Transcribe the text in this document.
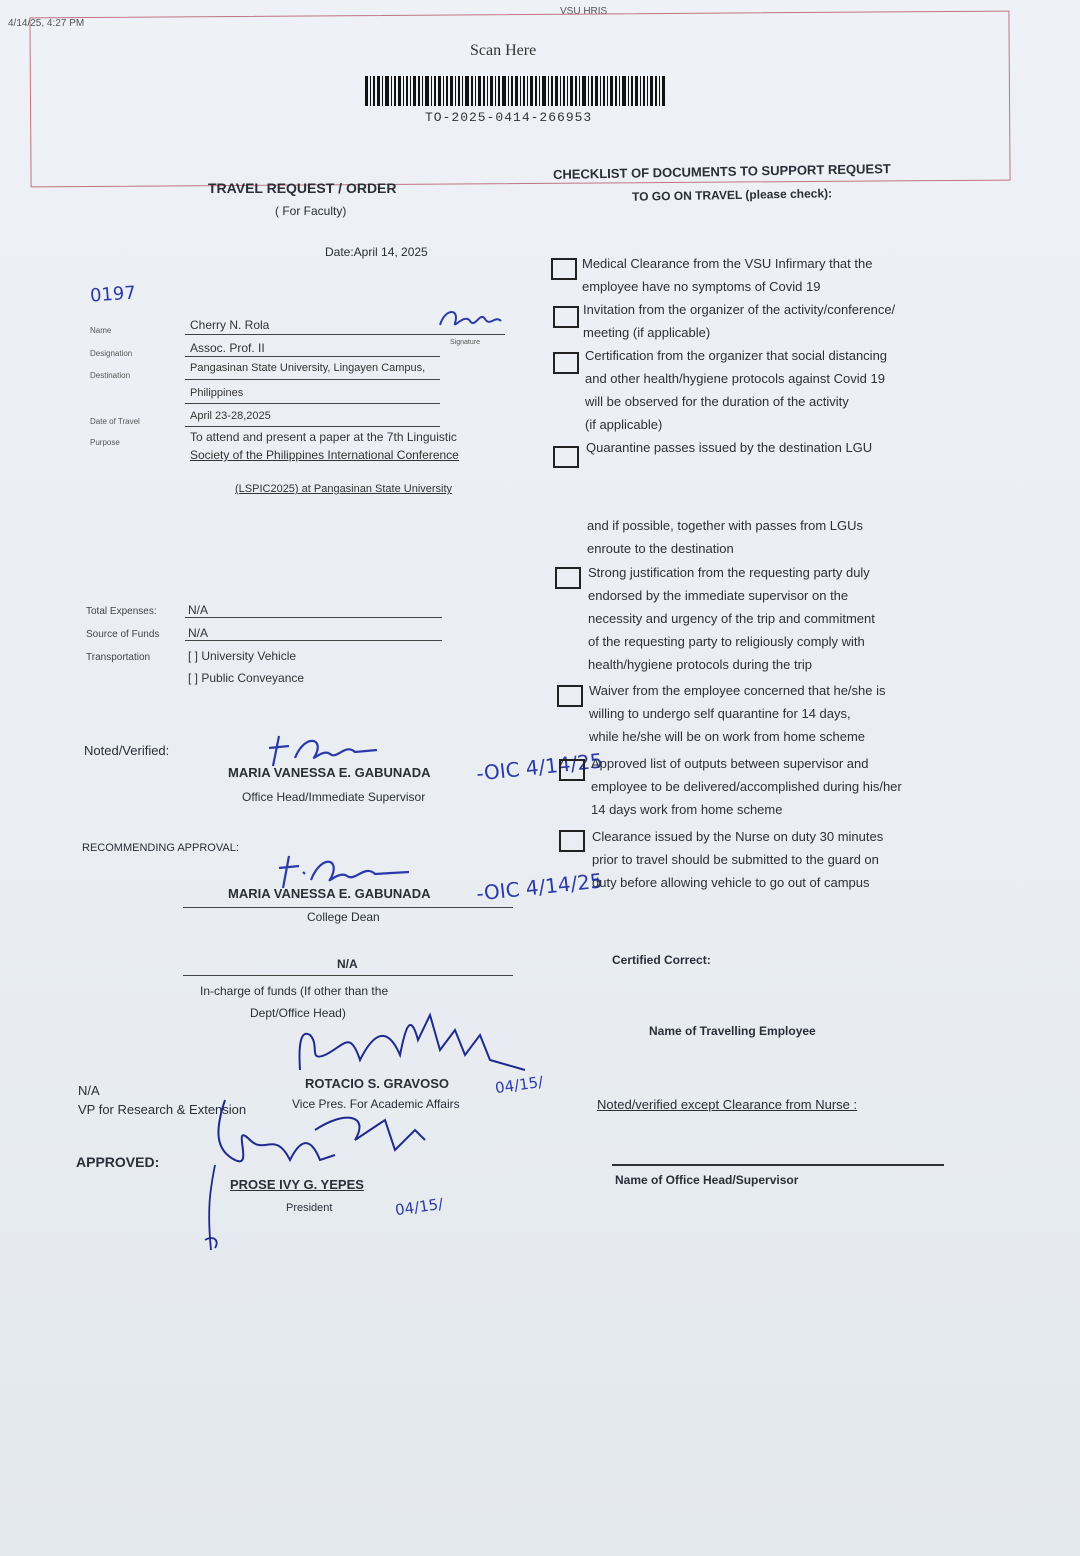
4/14/25, 4:27 PM
VSU HRIS
Scan Here
TO-2025-0414-266953
TRAVEL REQUEST / ORDER
( For Faculty)
Date:April 14, 2025
0197
Name	Cherry N. Rola
Signature
Designation	Assoc. Prof. II
Destination
Pangasinan State University, Lingayen Campus,
Philippines
Date of Travel	April 23-28,2025
Purpose	To attend and present a paper at the 7th Linguistic
Society of the Philippines International Conference
(LSPIC2025) at Pangasinan State University
Total Expenses:	N/A
Source of Funds N/A
Transportation	[ ] University Vehicle
[ ] Public Conveyance
Noted/Verified:
MARIA VANESSA E. GABUNADA -OIC 4/14/25
Office Head/Immediate Supervisor
RECOMMENDING APPROVAL:
MARIA VANESSA E. GABUNADA -OIC 4/14/25
College Dean
N/A
In-charge of funds (If other than the
Dept/Office Head)
ROTACIO S. GRAVOSO	04/15/
Vice Pres. For Academic Affairs
N/A
VP for Research & Extension
APPROVED:
PROSE IVY G. YEPES
04/15/
President
CHECKLIST OF DOCUMENTS TO SUPPORT REQUEST
TO GO ON TRAVEL (please check):
Medical Clearance from the VSU Infirmary that the
employee have no symptoms of Covid 19
Invitation from the organizer of the activity/conference/
meeting (if applicable)
Certification from the organizer that social distancing
and other health/hygiene protocols against Covid 19
will be observed for the duration of the activity
(if applicable)
Quarantine passes issued by the destination LGU
and if possible, together with passes from LGUs
enroute to the destination
Strong justification from the requesting party duly
endorsed by the immediate supervisor on the
necessity and urgency of the trip and commitment
of the requesting party to religiously comply with
health/hygiene protocols during the trip
Waiver from the employee concerned that he/she is
willing to undergo self quarantine for 14 days,
while he/she will be on work from home scheme
Approved list of outputs between supervisor and
employee to be delivered/accomplished during his/her
14 days work from home scheme
Clearance issued by the Nurse on duty 30 minutes
prior to travel should be submitted to the guard on
duty before allowing vehicle to go out of campus
Certified Correct:
Name of Travelling Employee
Noted/verified except Clearance from Nurse :
Name of Office Head/Supervisor
